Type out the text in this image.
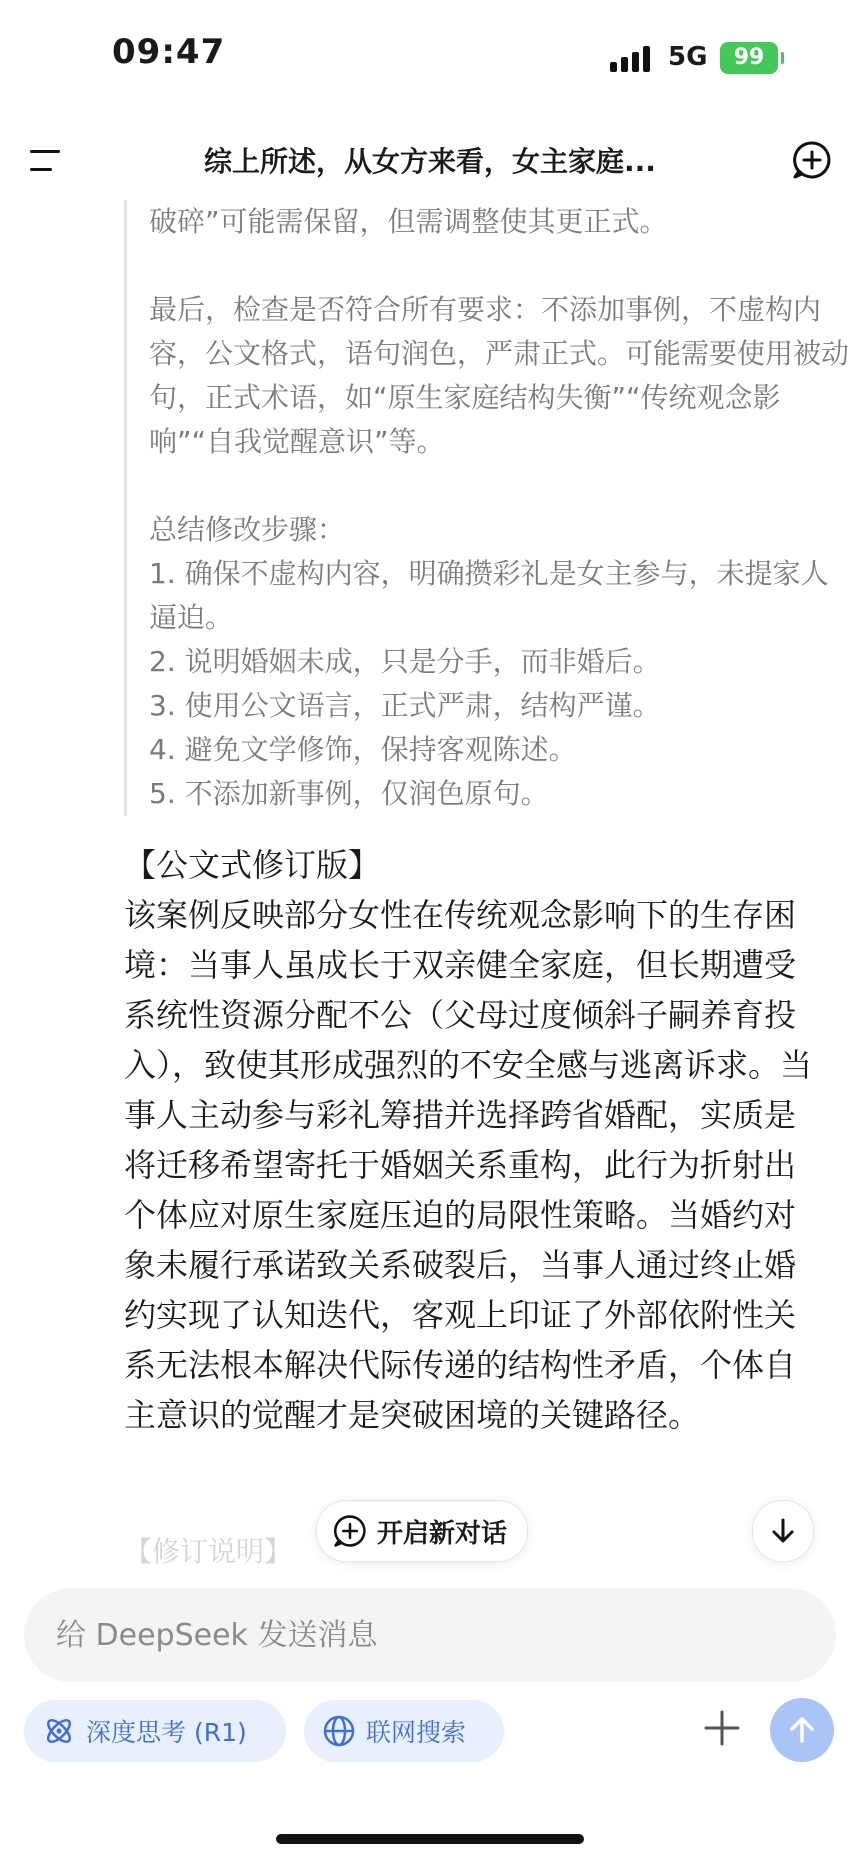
09:47	5G	99
综上所述，从女方来看，女主家庭...

破碎”可能需保留，但需调整使其更正式。

最后，检查是否符合所有要求：不添加事例，不虚构内容，公文格式，语句润色，严肃正式。可能需要使用被动句，正式术语，如“原生家庭结构失衡”“传统观念影响”“自我觉醒意识”等。

总结修改步骤：

1. 确保不虚构内容，明确攒彩礼是女主参与，未提家人逼迫。

2. 说明婚姻未成，只是分手，而非婚后。

3. 使用公文语言，正式严肃，结构严谨。

4. 避免文学修饰，保持客观陈述。

5. 不添加新事例，仅润色原句。

【公文式修订版】

该案例反映部分女性在传统观念影响下的生存困境：当事人虽成长于双亲健全家庭，但长期遭受系统性资源分配不公（父母过度倾斜子嗣养育投入），致使其形成强烈的不安全感与逃离诉求。当事人主动参与彩礼筹措并选择跨省婚配，实质是将迁移希望寄托于婚姻关系重构，此行为折射出个体应对原生家庭压迫的局限性策略。当婚约对象未履行承诺致关系破裂后，当事人通过终止婚约实现了认知迭代，客观上印证了外部依附性关系无法根本解决代际传递的结构性矛盾，个体自主意识的觉醒才是突破困境的关键路径。

【修订说明】
开启新对话
给 DeepSeek 发送消息
深度思考 (R1)	联网搜索
